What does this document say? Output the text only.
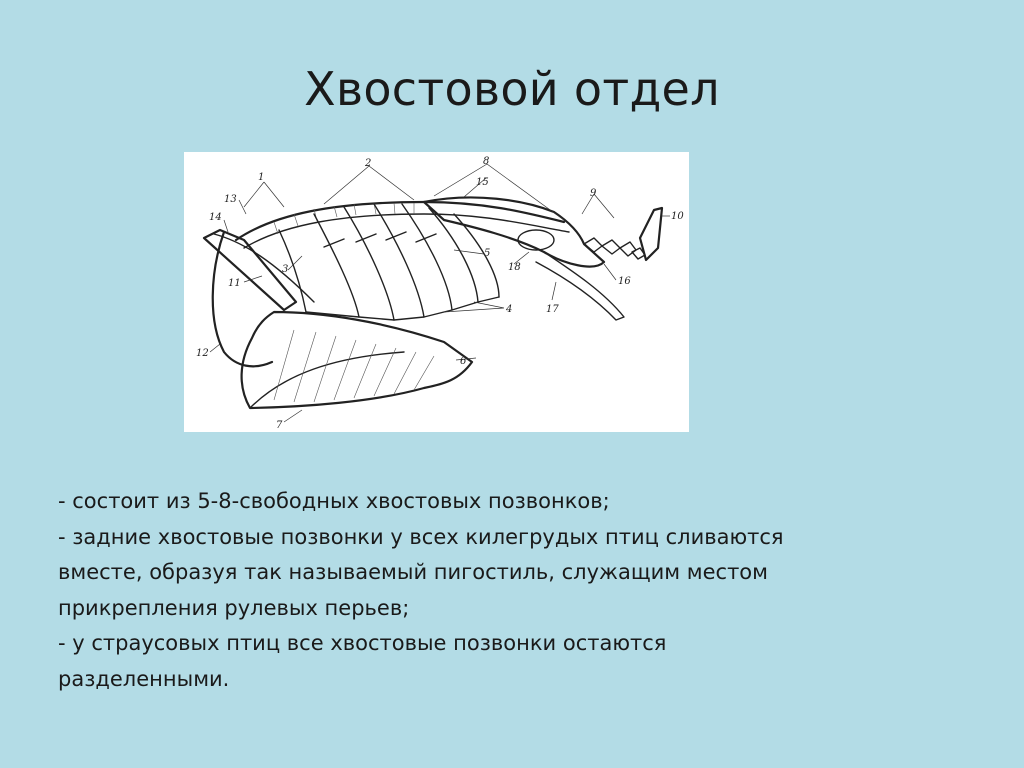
Хвостовой отдел
1
2	8
13
14
15
9
10
3
11
5
18
16
12
4	17
6
7

- состоит из 5-8-свободных хвостовых позвонков;

- задние хвостовые позвонки у всех килегрудых птиц сливаются

вместе, образуя так называемый пигостиль, служащим местом

прикрепления рулевых перьев;

- у страусовых птиц все хвостовые позвонки остаются

разделенными.
